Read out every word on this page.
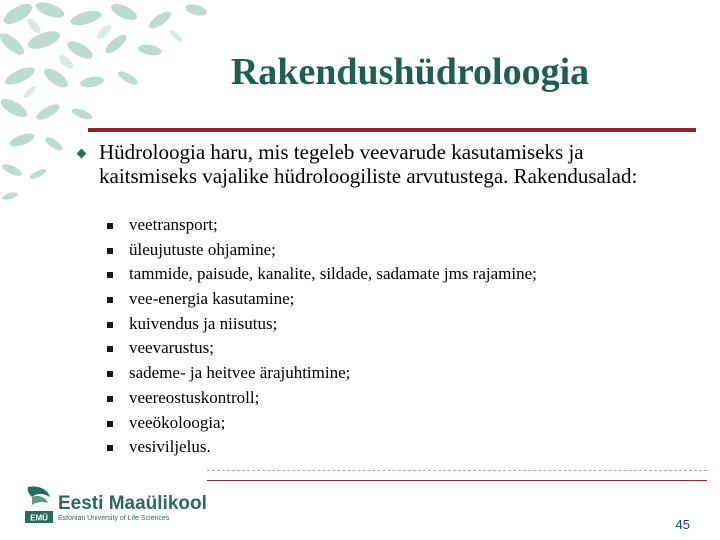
Rakendushüdroloogia
Hüdroloogia haru, mis tegeleb veevarude kasutamiseks ja kaitsmiseks vajalike hüdroloogiliste arvutustega. Rakendusalad:
veetransport;
üleujutuste ohjamine;
tammide, paisude, kanalite, sildade, sadamate jms rajamine;
vee-energia kasutamine;
kuivendus ja niisutus;
veevarustus;
sademe- ja heitvee ärajuhtimine;
veereostuskontroll;
veeökoloogia;
vesiviljelus.
EMÜ
Eesti Maaülikool
Estonian University of Life Sciences	45
